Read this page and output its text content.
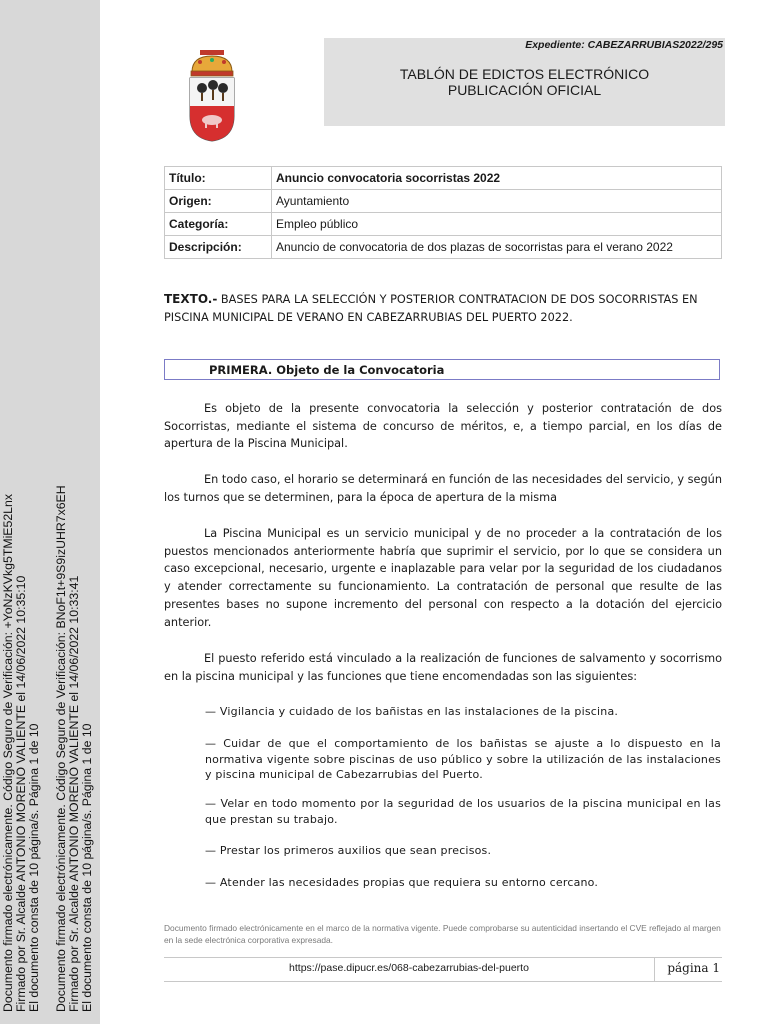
Documento firmado electrónicamente. Código Seguro de Verificación: +YoNzKVkg5TMiE52Lnx Firmado por Sr. Alcalde ANTONIO MORENO VALIENTE el 14/06/2022 10:35:10 El documento consta de 10 página/s. Página 1 de 10 Documento firmado electrónicamente. Código Seguro de Verificación: BNoF1t+9S9izUHR7x6EH Firmado por Sr. Alcalde ANTONIO MORENO VALIENTE el 14/06/2022 10:33:41 El documento consta de 10 página/s. Página 1 de 10
Expediente: CABEZARRUBIAS2022/295
TABLÓN DE EDICTOS ELECTRÓNICO
PUBLICACIÓN OFICIAL
Título:	Anuncio convocatoria socorristas 2022
Origen:	Ayuntamiento
Categoría:	Empleo público
Descripción:	Anuncio de convocatoria de dos plazas de socorristas para el verano 2022
TEXTO.- BASES PARA LA SELECCIÓN Y POSTERIOR CONTRATACION DE DOS SOCORRISTAS EN PISCINA MUNICIPAL DE VERANO EN CABEZARRUBIAS DEL PUERTO 2022.
PRIMERA. Objeto de la Convocatoria
Es objeto de la presente convocatoria la selección y posterior contratación de dos Socorristas, mediante el sistema de concurso de méritos, e, a tiempo parcial, en los días de apertura de la Piscina Municipal.
En todo caso, el horario se determinará en función de las necesidades del servicio, y según los turnos que se determinen, para la época de apertura de la misma
La Piscina Municipal es un servicio municipal y de no proceder a la contratación de los puestos mencionados anteriormente habría que suprimir el servicio, por lo que se considera un caso excepcional, necesario, urgente e inaplazable para velar por la seguridad de los ciudadanos y atender correctamente su funcionamiento. La contratación de personal que resulte de las presentes bases no supone incremento del personal con respecto a la dotación del ejercicio anterior.
El puesto referido está vinculado a la realización de funciones de salvamento y socorrismo en la piscina municipal y las funciones que tiene encomendadas son las siguientes:
— Vigilancia y cuidado de los bañistas en las instalaciones de la piscina.
— Cuidar de que el comportamiento de los bañistas se ajuste a lo dispuesto en la normativa vigente sobre piscinas de uso público y sobre la utilización de las instalaciones y piscina municipal de Cabezarrubias del Puerto.
— Velar en todo momento por la seguridad de los usuarios de la piscina municipal en las que prestan su trabajo.
— Prestar los primeros auxilios que sean precisos.
— Atender las necesidades propias que requiera su entorno cercano.
Documento firmado electrónicamente en el marco de la normativa vigente. Puede comprobarse su autenticidad insertando el CVE reflejado al margen en la sede electrónica corporativa expresada.
https://pase.dipucr.es/068-cabezarrubias-del-puerto	página 1
